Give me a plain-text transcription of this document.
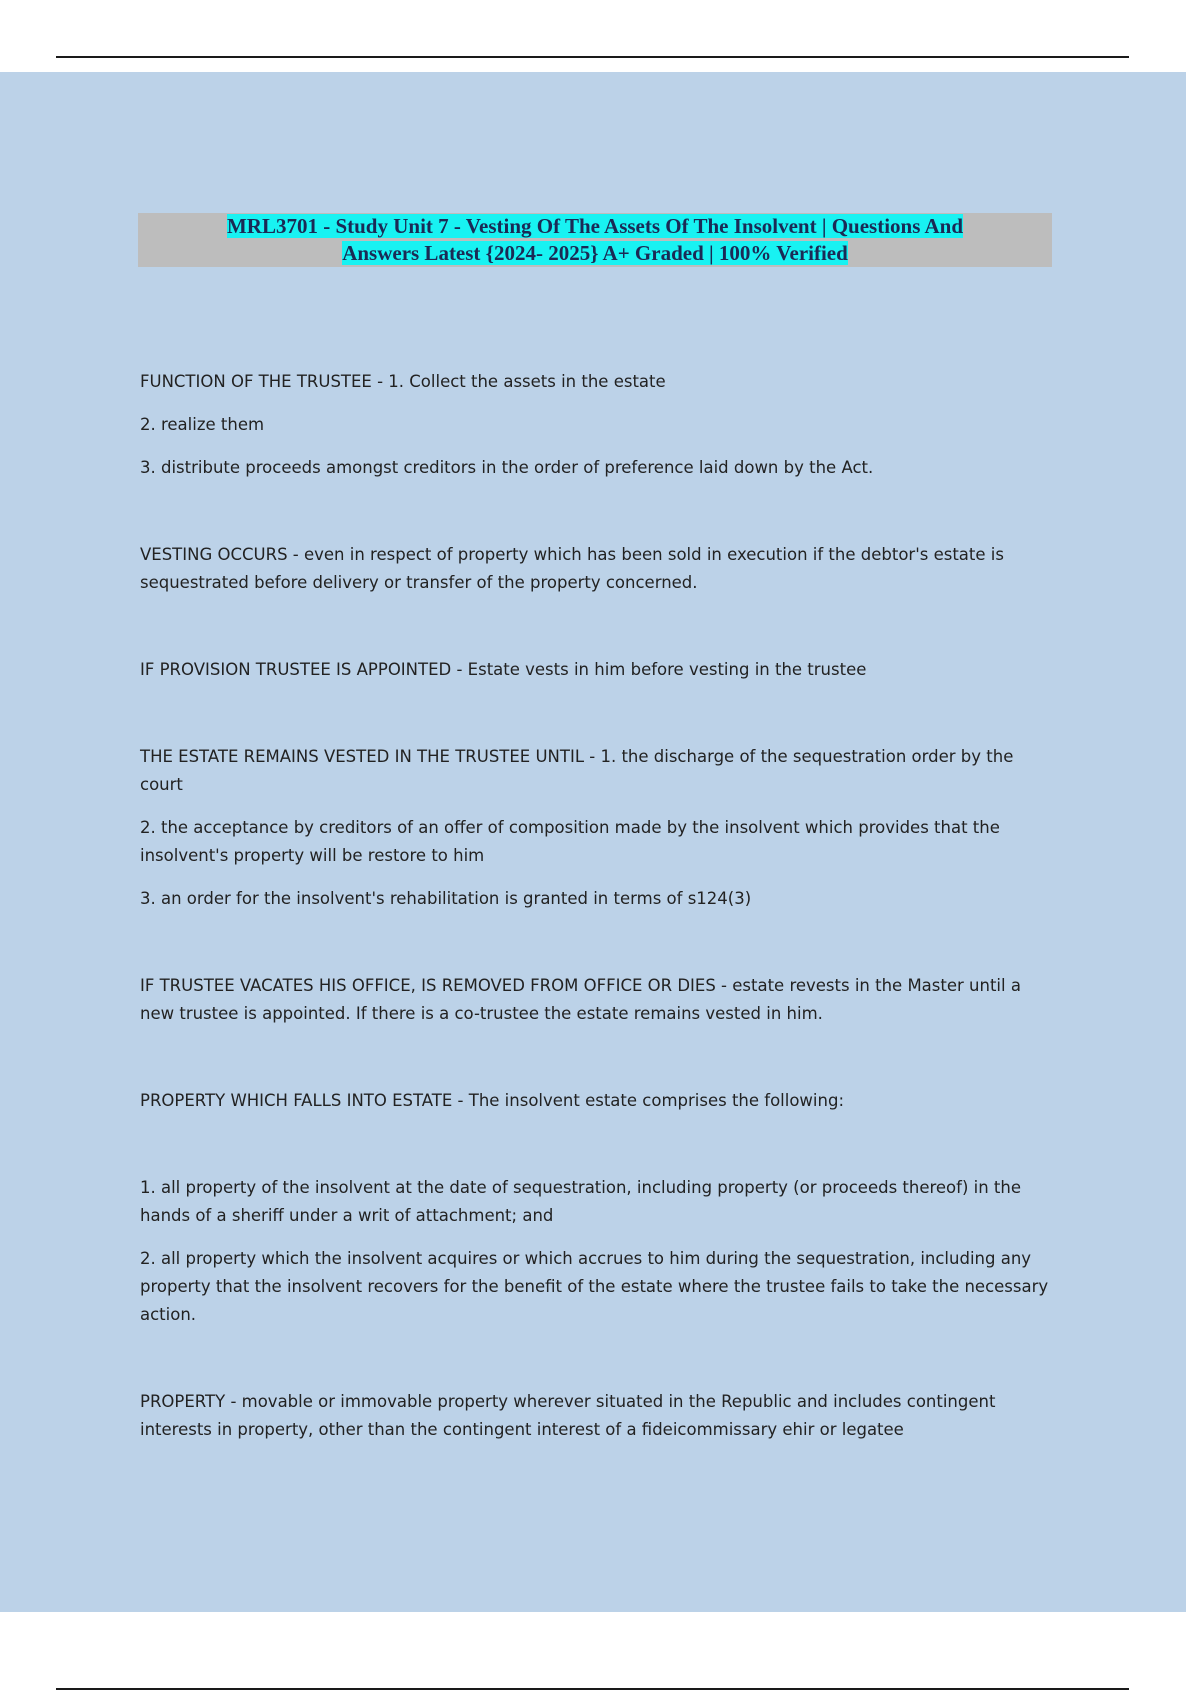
MRL3701 - Study Unit 7 - Vesting Of The Assets Of The Insolvent | Questions And
Answers Latest {2024- 2025} A+ Graded | 100% Verified

FUNCTION OF THE TRUSTEE - 1. Collect the assets in the estate

2. realize them

3. distribute proceeds amongst creditors in the order of preference laid down by the Act.

VESTING OCCURS - even in respect of property which has been sold in execution if the debtor's estate is sequestrated before delivery or transfer of the property concerned.

IF PROVISION TRUSTEE IS APPOINTED - Estate vests in him before vesting in the trustee

THE ESTATE REMAINS VESTED IN THE TRUSTEE UNTIL - 1. the discharge of the sequestration order by the court

2. the acceptance by creditors of an offer of composition made by the insolvent which provides that the insolvent's property will be restore to him

3. an order for the insolvent's rehabilitation is granted in terms of s124(3)

IF TRUSTEE VACATES HIS OFFICE, IS REMOVED FROM OFFICE OR DIES - estate revests in the Master until a new trustee is appointed. If there is a co-trustee the estate remains vested in him.

PROPERTY WHICH FALLS INTO ESTATE - The insolvent estate comprises the following:

1. all property of the insolvent at the date of sequestration, including property (or proceeds thereof) in the hands of a sheriff under a writ of attachment; and

2. all property which the insolvent acquires or which accrues to him during the sequestration, including any property that the insolvent recovers for the benefit of the estate where the trustee fails to take the necessary action.

PROPERTY - movable or immovable property wherever situated in the Republic and includes contingent interests in property, other than the contingent interest of a fideicommissary ehir or legatee
